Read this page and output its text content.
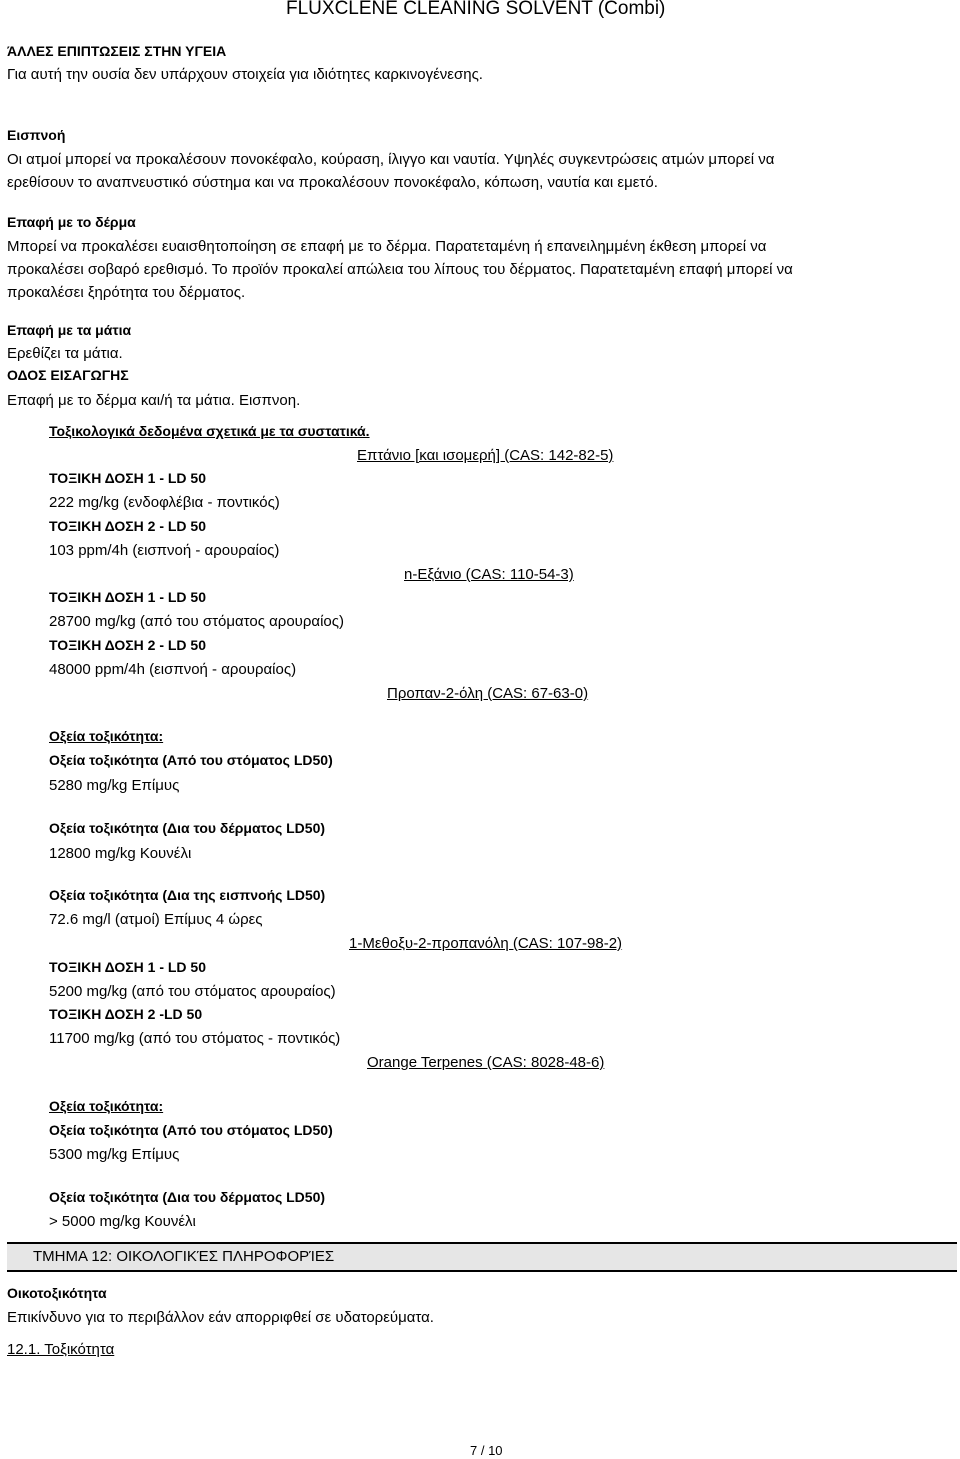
FLUXCLENE CLEANING SOLVENT (Combi)
ΆΛΛΕΣ ΕΠΙΠΤΩΣΕΙΣ ΣΤΗΝ ΥΓΕΙΑ
Για αυτή την ουσία δεν υπάρχουν στοιχεία για ιδιότητες καρκινογένεσης.
Εισπνοή
Οι ατμοί μπορεί να προκαλέσουν πονοκέφαλο, κούραση, ίλιγγο και ναυτία. Υψηλές συγκεντρώσεις ατμών μπορεί να
ερεθίσουν το αναπνευστικό σύστημα και να προκαλέσουν πονοκέφαλο, κόπωση, ναυτία και εμετό.
Επαφή με το δέρμα
Μπορεί να προκαλέσει ευαισθητοποίηση σε επαφή με το δέρμα. Παρατεταμένη ή επανειλημμένη έκθεση μπορεί να
προκαλέσει σοβαρό ερεθισμό. Το προϊόν προκαλεί απώλεια του λίπους του δέρματος. Παρατεταμένη επαφή μπορεί να
προκαλέσει ξηρότητα του δέρματος.
Επαφή με τα μάτια
Ερεθίζει τα μάτια.
ΟΔΟΣ ΕΙΣΑΓΩΓΗΣ
Επαφή με το δέρμα και/ή τα μάτια. Εισπνοη.
Τοξικολογικά δεδομένα σχετικά με τα συστατικά.
Επτάνιο [και ισομερή] (CAS: 142-82-5)
ΤΟΞΙΚΗ ΔΟΣΗ 1 - LD 50
222 mg/kg (ενδοφλέβια - ποντικός)
ΤΟΞΙΚΗ ΔΟΣΗ 2 - LD 50
103 ppm/4h (εισπνοή - αρουραίος)
n-Εξάνιο (CAS: 110-54-3)
ΤΟΞΙΚΗ ΔΟΣΗ 1 - LD 50
28700 mg/kg (από του στόματος αρουραίος)
ΤΟΞΙΚΗ ΔΟΣΗ 2 - LD 50
48000 ppm/4h (εισπνοή - αρουραίος)
Προπαν-2-όλη (CAS: 67-63-0)
Οξεία τοξικότητα:
Οξεία τοξικότητα (Από του στόματος LD50)
5280 mg/kg Επίμυς
Οξεία τοξικότητα (Δια του δέρματος LD50)
12800 mg/kg Κουνέλι
Οξεία τοξικότητα (Δια της εισπνοής LD50)
72.6 mg/l (ατμοί) Επίμυς 4 ώρες
1-Μεθοξυ-2-προπανόλη (CAS: 107-98-2)
ΤΟΞΙΚΗ ΔΟΣΗ 1 - LD 50
5200 mg/kg (από του στόματος αρουραίος)
ΤΟΞΙΚΗ ΔΟΣΗ 2 -LD 50
11700 mg/kg (από του στόματος - ποντικός)
Orange Terpenes (CAS: 8028-48-6)
Οξεία τοξικότητα:
Οξεία τοξικότητα (Από του στόματος LD50)
5300 mg/kg Επίμυς
Οξεία τοξικότητα (Δια του δέρματος LD50)
> 5000 mg/kg Κουνέλι
ΤΜΗΜΑ 12: ΟΙΚΟΛΟΓΙΚΈΣ ΠΛΗΡΟΦΟΡΊΕΣ
Οικοτοξικότητα
Επικίνδυνο για το περιβάλλον εάν απορριφθεί σε υδατορεύματα.
12.1. Τοξικότητα
7 / 10
